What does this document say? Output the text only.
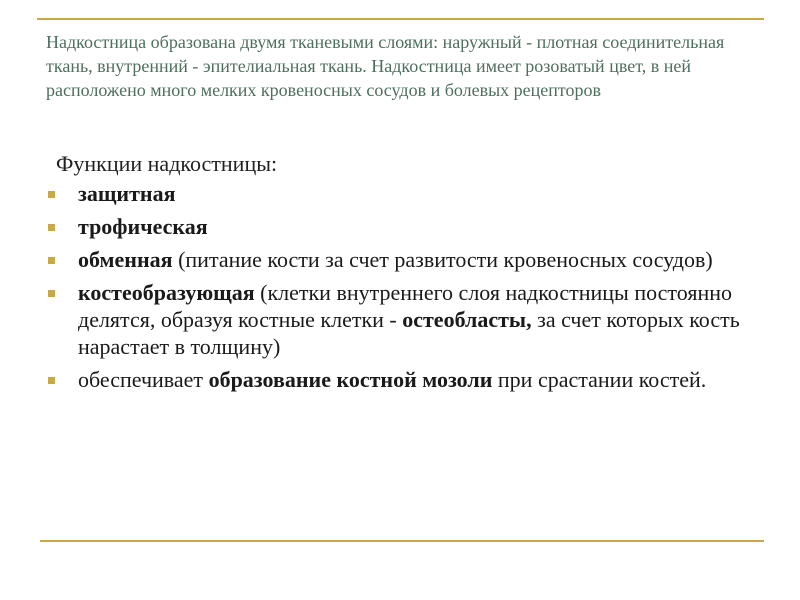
Надкостница образована двумя тканевыми слоями: наружный - плотная соединительная ткань, внутренний - эпителиальная ткань. Надкостница имеет розоватый цвет, в ней расположено много мелких кровеносных сосудов и болевых рецепторов

Функции надкостницы:

защитная
трофическая
обменная (питание кости за счет развитости кровеносных сосудов)
костеобразующая (клетки внутреннего слоя надкостницы постоянно делятся, образуя костные клетки - остеобласты, за счет которых кость нарастает в толщину)
обеспечивает образование костной мозоли при срастании костей.
